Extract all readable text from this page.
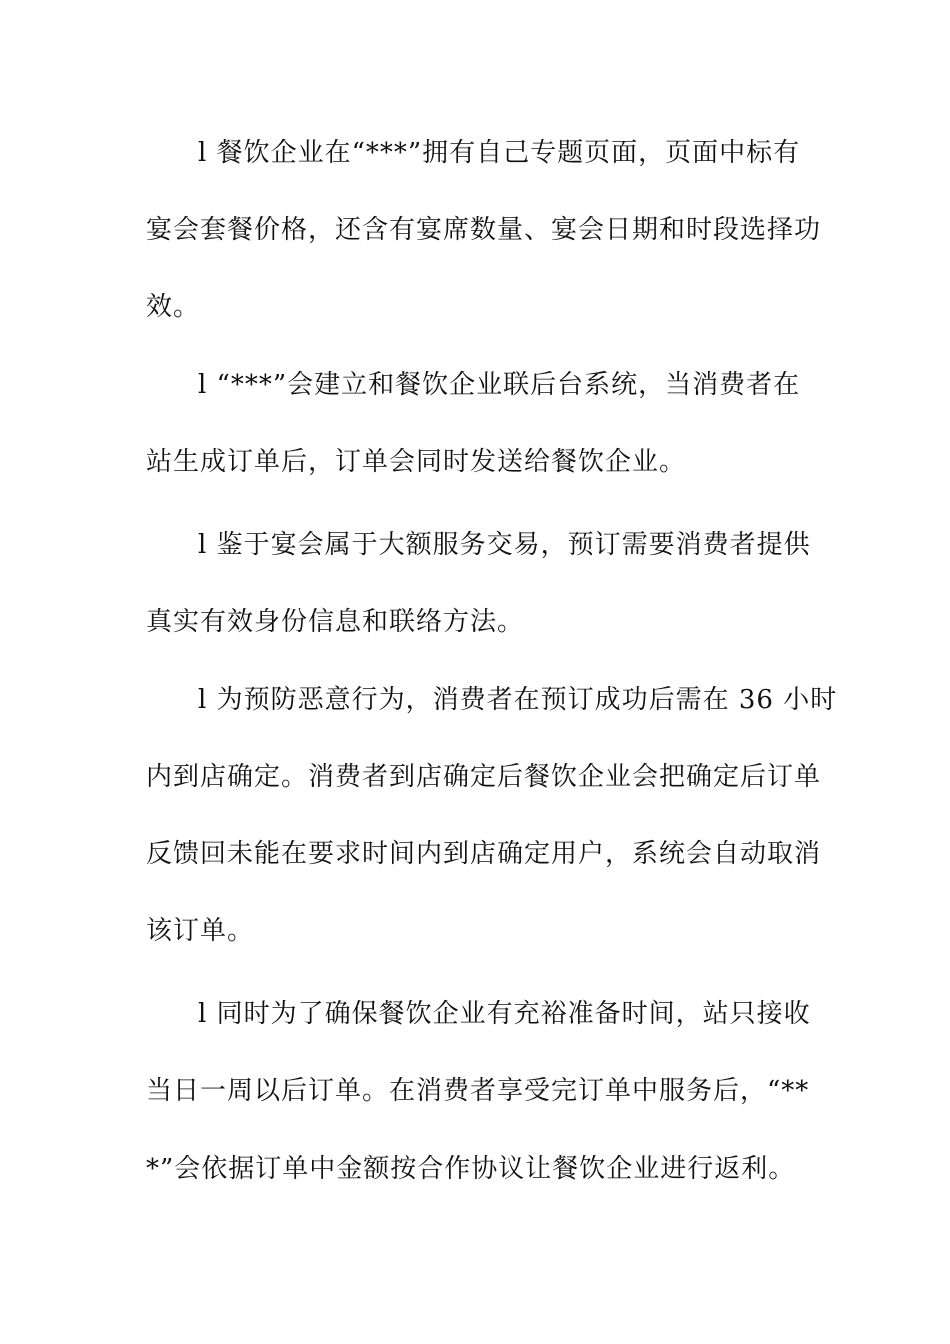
l 餐饮企业在“***”拥有自己专题页面，页面中标有
宴会套餐价格，还含有宴席数量、宴会日期和时段选择功
效。
l “***”会建立和餐饮企业联后台系统，当消费者在
站生成订单后，订单会同时发送给餐饮企业。
l 鉴于宴会属于大额服务交易，预订需要消费者提供
真实有效身份信息和联络方法。
l 为预防恶意行为，消费者在预订成功后需在 36 小时
内到店确定。消费者到店确定后餐饮企业会把确定后订单
反馈回未能在要求时间内到店确定用户，系统会自动取消
该订单。
l 同时为了确保餐饮企业有充裕准备时间，站只接收
当日一周以后订单。在消费者享受完订单中服务后，“**
*”会依据订单中金额按合作协议让餐饮企业进行返利。
